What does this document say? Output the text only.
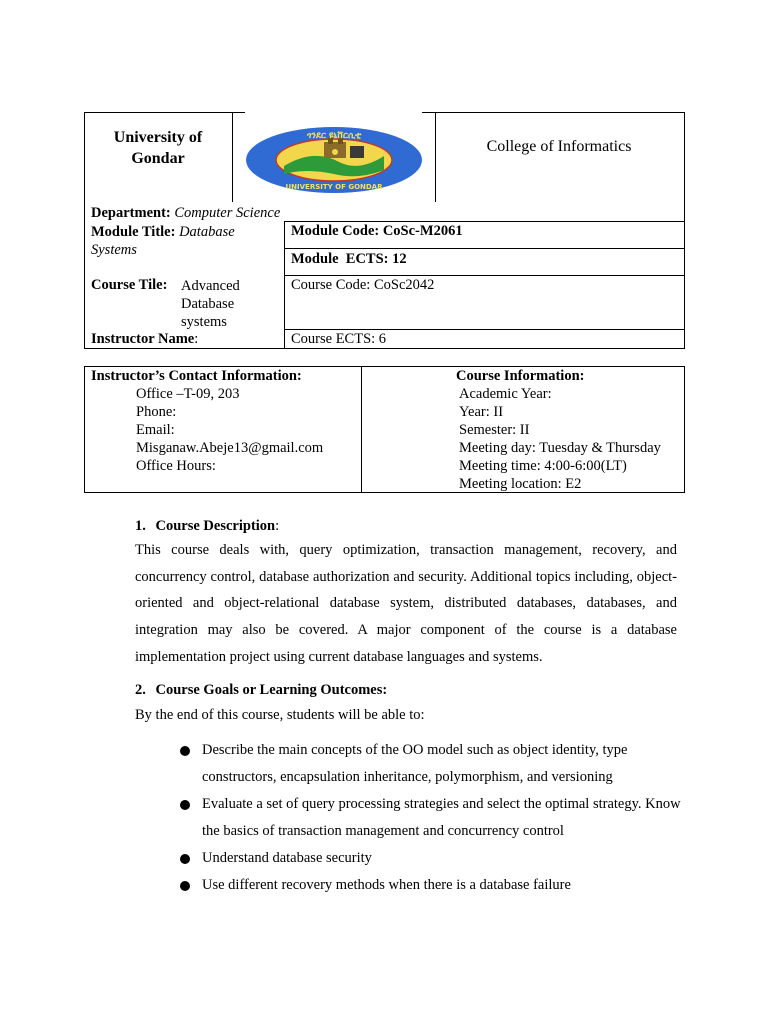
University of Gondar
ጎንደር ዩኒቨርሲቲ
UNIVERSITY OF GONDAR
College of Informatics
Department: Computer Science
Module Title: Database Systems
Module Code: CoSc-M2061
Module  ECTS: 12
Course Tile: Advanced Database systems
Course Code: CoSc2042
Instructor Name:	Course ECTS: 6
Instructor’s Contact Information:
Office –T-09, 203
Phone:
Email:
Misganaw.Abeje13@gmail.com
Office Hours:
Course Information:
Academic Year:
Year: II
Semester: II
Meeting day: Tuesday & Thursday
Meeting time: 4:00-6:00(LT)
Meeting location: E2
1. Course Description:
This course deals with, query optimization, transaction management, recovery, and concurrency control, database authorization and security. Additional topics including, object-oriented and object-relational database system, distributed databases, databases, and integration may also be covered. A major component of the course is a database implementation project using current database languages and systems.
2. Course Goals or Learning Outcomes:
By the end of this course, students will be able to:
Describe the main concepts of the OO model such as object identity, type constructors, encapsulation inheritance, polymorphism, and versioning
Evaluate a set of query processing strategies and select the optimal strategy. Know the basics of transaction management and concurrency control
Understand database security
Use different recovery methods when there is a database failure
